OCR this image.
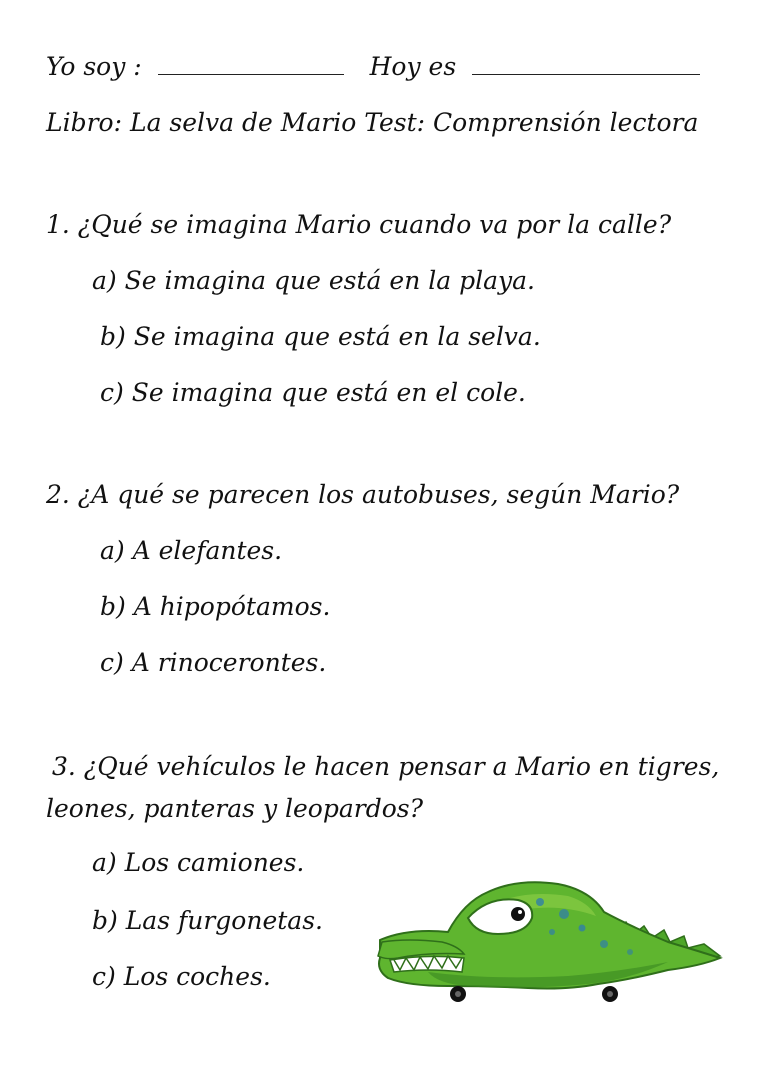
Yo soy :	Hoy es
Libro: La selva de Mario Test: Comprensión lectora
1. ¿Qué se imagina Mario cuando va por la calle?
a) Se imagina que está en la playa.
b) Se imagina que está en la selva.
c) Se imagina que está en el cole.
2. ¿A qué se parecen los autobuses, según Mario?
a) A elefantes.
b) A hipopótamos.
c) A rinocerontes.
3. ¿Qué vehículos le hacen pensar a Mario en tigres,
leones, panteras y leopardos?
a) Los camiones.
b) Las furgonetas.
c) Los coches.
